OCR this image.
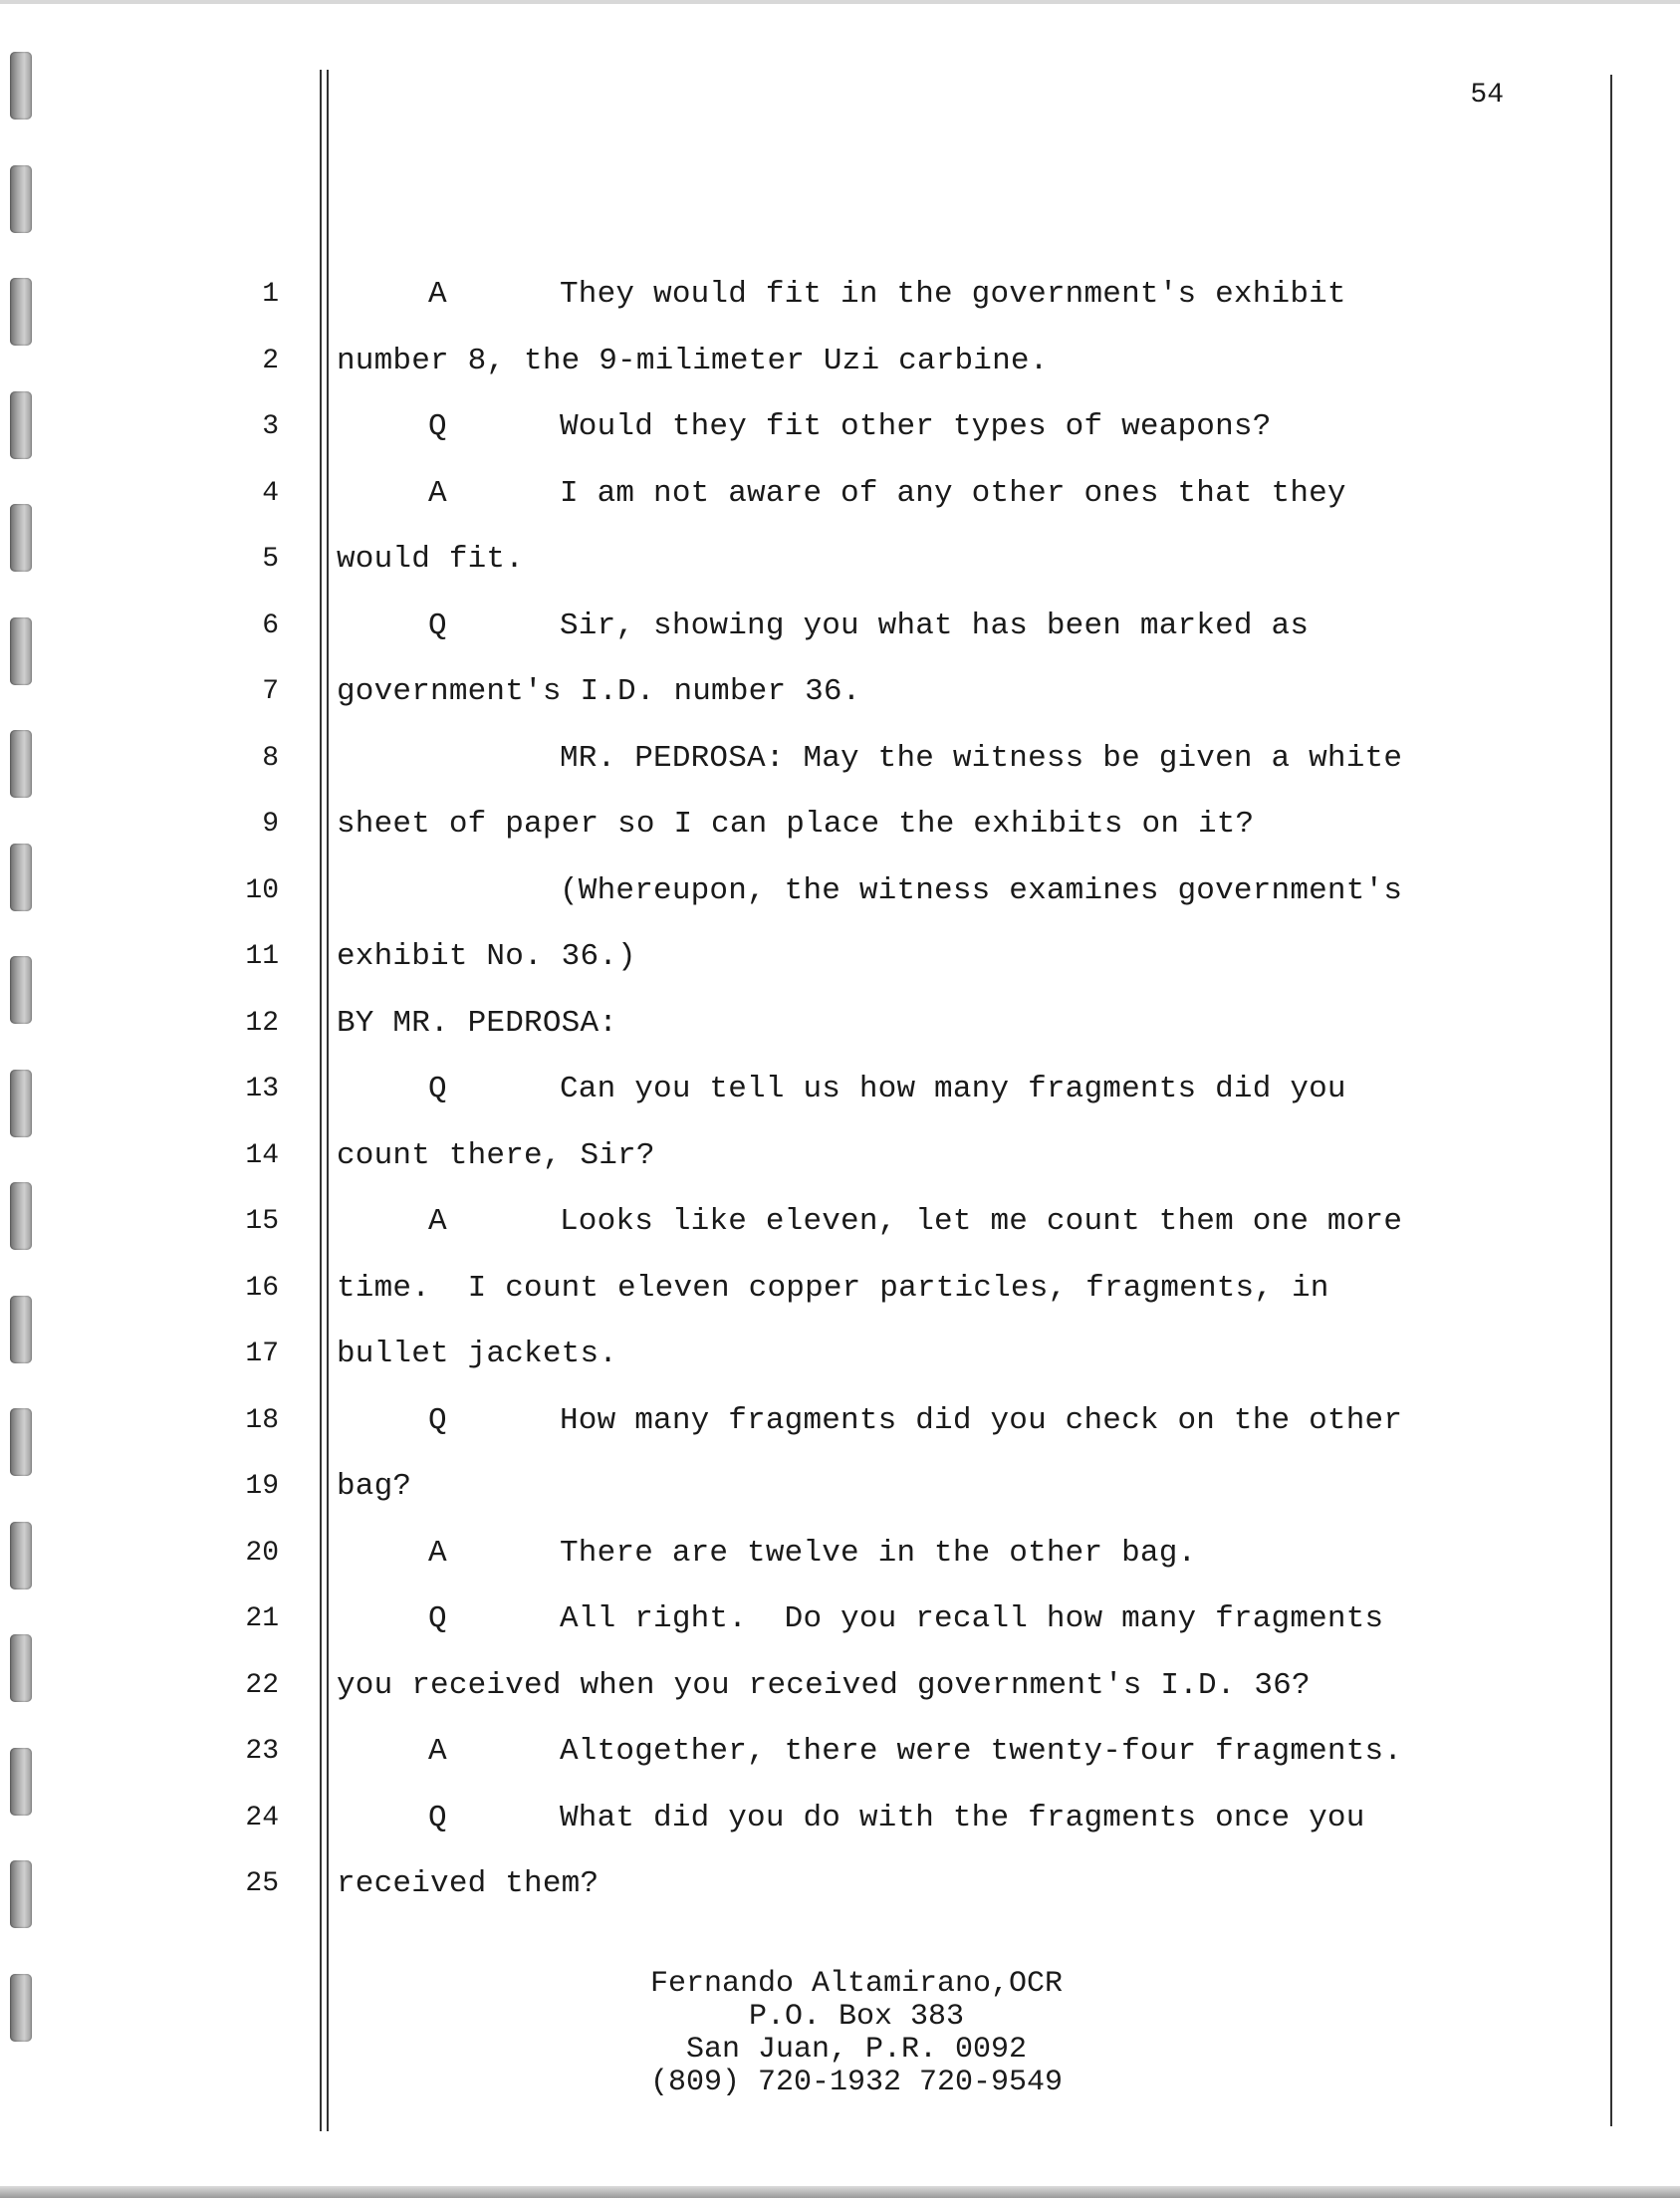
54
1	A	They would fit in the government's exhibit
2 number 8, the 9-milimeter Uzi carbine.
3	Q	Would they fit other types of weapons?
4	A	I am not aware of any other ones that they
5 would fit.
6	Q	Sir, showing you what has been marked as
7 government's I.D. number 36.
8	MR. PEDROSA: May the witness be given a white
9 sheet of paper so I can place the exhibits on it?
10	(Whereupon, the witness examines government's
11 exhibit No. 36.)
12 BY MR. PEDROSA:
13	Q	Can you tell us how many fragments did you
14 count there, Sir?
15	A	Looks like eleven, let me count them one more
16 time.  I count eleven copper particles, fragments, in
17 bullet jackets.
18	Q	How many fragments did you check on the other
19 bag?
20	A	There are twelve in the other bag.
21	Q	All right.  Do you recall how many fragments
22 you received when you received government's I.D. 36?
23	A	Altogether, there were twenty-four fragments.
24	Q	What did you do with the fragments once you
25 received them?
Fernando Altamirano,OCR
P.O. Box 383
San Juan, P.R. 0092
(809) 720-1932 720-9549
